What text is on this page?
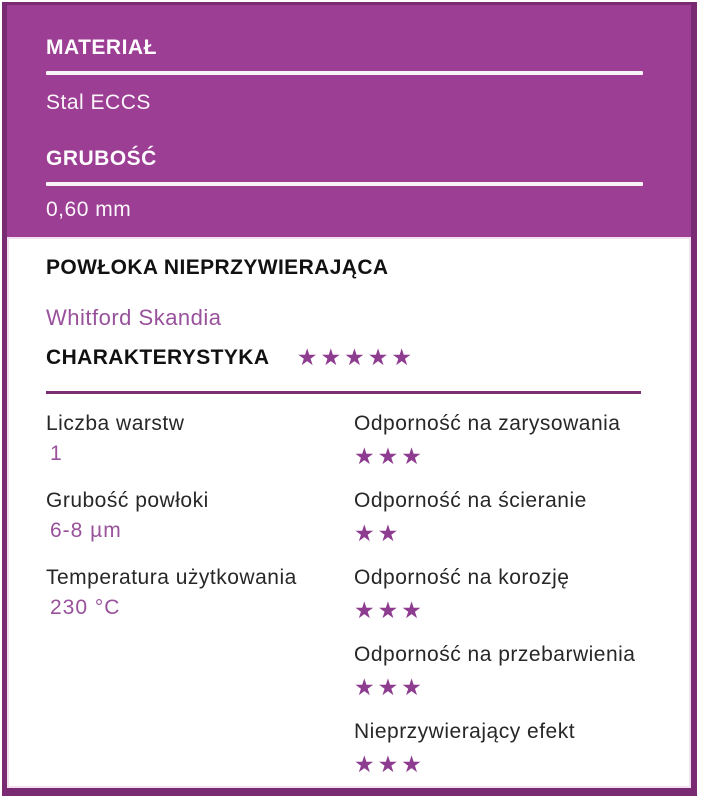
MATERIAŁ
Stal ECCS
GRUBOŚĆ
0,60 mm
POWŁOKA NIEPRZYWIERAJĄCA
Whitford Skandia
CHARAKTERYSTYKA ★★★★★
Liczba warstw
1
Grubość powłoki
6-8 µm
Temperatura użytkowania
230 °C
Odporność na zarysowania
★★★
Odporność na ścieranie
★★
Odporność na korozję
★★★
Odporność na przebarwienia
★★★
Nieprzywierający efekt
★★★
